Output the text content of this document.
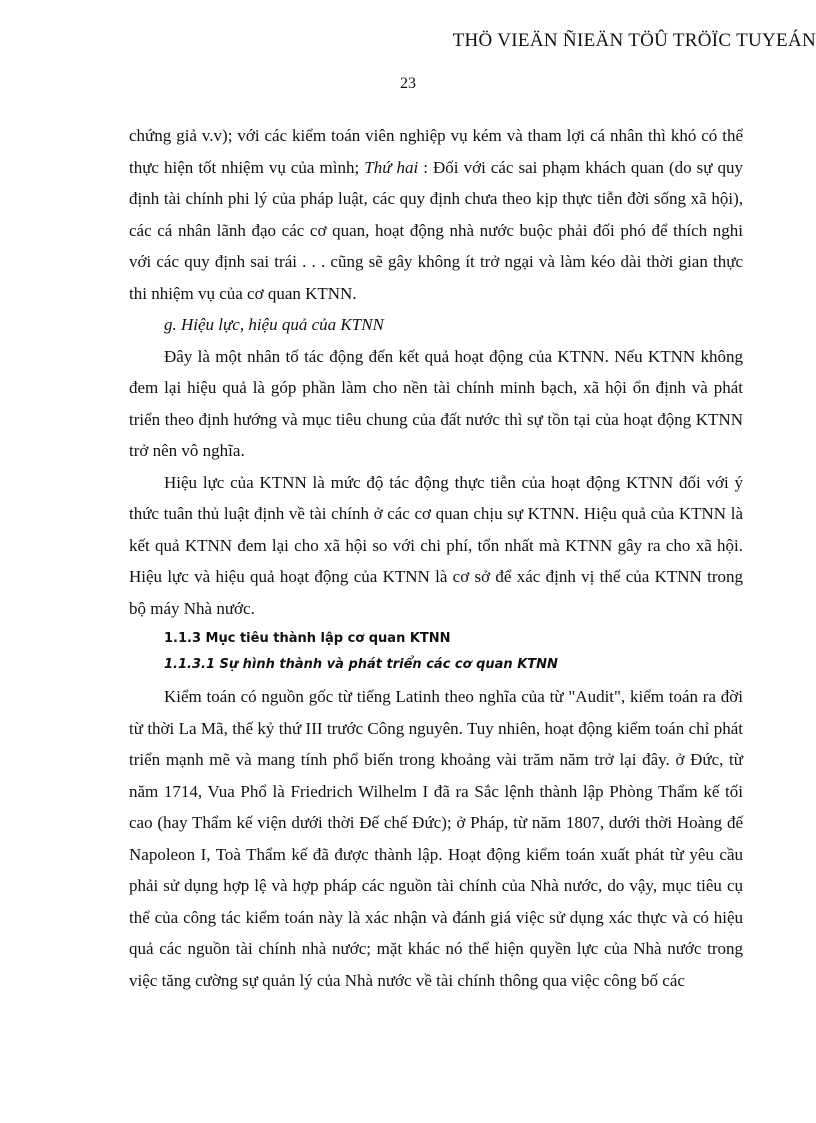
THÖ VIEÄN ÑIEÄN TÖÛ TRÖÏC TUYEÁN
23

chứng giả v.v); với các kiểm toán viên nghiệp vụ kém và tham lợi cá nhân thì khó có thể thực hiện tốt nhiệm vụ của mình; Thứ hai : Đối với các sai phạm khách quan (do sự quy định tài chính phi lý của pháp luật, các quy định chưa theo kịp thực tiễn đời sống xã hội), các cá nhân lãnh đạo các cơ quan, hoạt động nhà nước buộc phải đối phó để thích nghi với các quy định sai trái . . . cũng sẽ gây không ít trở ngại và làm kéo dài thời gian thực thi nhiệm vụ của cơ quan KTNN.

g. Hiệu lực, hiệu quả của KTNN

Đây là một nhân tố tác động đến kết quả hoạt động của KTNN. Nếu KTNN không đem lại hiệu quả là góp phần làm cho nền tài chính minh bạch, xã hội ổn định và phát triển theo định hướng và mục tiêu chung của đất nước thì sự tồn tại của hoạt động KTNN trở nên vô nghĩa.

Hiệu lực của KTNN là mức độ tác động thực tiễn của hoạt động KTNN đối với ý thức tuân thủ luật định về tài chính ở các cơ quan chịu sự KTNN. Hiệu quả của KTNN là kết quả KTNN đem lại cho xã hội so với chi phí, tổn nhất mà KTNN gây ra cho xã hội. Hiệu lực và hiệu quả hoạt động của KTNN là cơ sở để xác định vị thế của KTNN trong bộ máy Nhà nước.

1.1.3 Mục tiêu thành lập cơ quan KTNN
1.1.3.1 Sự hình thành và phát triển các cơ quan KTNN

Kiểm toán có nguồn gốc từ tiếng Latinh theo nghĩa của từ "Audit", kiểm toán ra đời từ thời La Mã, thế kỷ thứ III trước Công nguyên. Tuy nhiên, hoạt động kiểm toán chỉ phát triển mạnh mẽ và mang tính phổ biến trong khoảng vài trăm năm trở lại đây. ở Đức, từ năm 1714, Vua Phổ là Friedrich Wilhelm I đã ra Sắc lệnh thành lập Phòng Thẩm kế tối cao (hay Thẩm kế viện dưới thời Đế chế Đức); ở Pháp, từ năm 1807, dưới thời Hoàng đế Napoleon I, Toà Thẩm kế đã được thành lập. Hoạt động kiểm toán xuất phát từ yêu cầu phải sử dụng hợp lệ và hợp pháp các nguồn tài chính của Nhà nước, do vậy, mục tiêu cụ thể của công tác kiểm toán này là xác nhận và đánh giá việc sử dụng xác thực và có hiệu quả các nguồn tài chính nhà nước; mặt khác nó thể hiện quyền lực của Nhà nước trong việc tăng cường sự quản lý của Nhà nước về tài chính thông qua việc công bố các
